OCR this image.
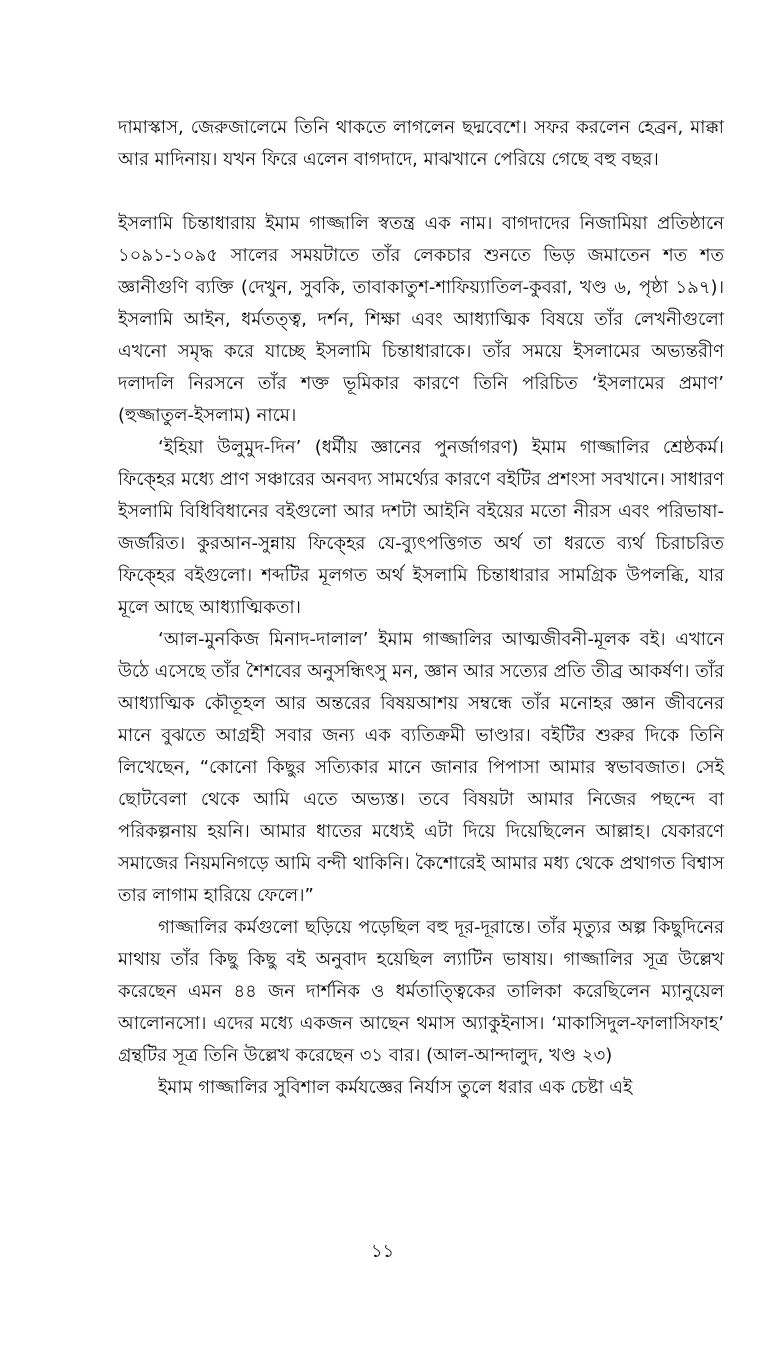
দামাস্কাস, জেরুজালেমে তিনি থাকতে লাগলেন ছদ্মবেশে। সফর করলেন হেব্রন, মাক্কা আর মাদিনায়। যখন ফিরে এলেন বাগদাদে, মাঝখানে পেরিয়ে গেছে বহু বছর।

ইসলামি চিন্তাধারায় ইমাম গাজ্জালি স্বতন্ত্র এক নাম। বাগদাদের নিজামিয়া প্রতিষ্ঠানে ১০৯১-১০৯৫ সালের সময়টাতে তাঁর লেকচার শুনতে ভিড় জমাতেন শত শত জ্ঞানীগুণি ব্যক্তি (দেখুন, সুবকি, তাবাকাতুশ-শাফিয়্যাতিল-কুবরা, খণ্ড ৬, পৃষ্ঠা ১৯৭)। ইসলামি আইন, ধর্মতত্ত্ব, দর্শন, শিক্ষা এবং আধ্যাত্মিক বিষয়ে তাঁর লেখনীগুলো এখনো সমৃদ্ধ করে যাচ্ছে ইসলামি চিন্তাধারাকে। তাঁর সময়ে ইসলামের অভ্যন্তরীণ দলাদলি নিরসনে তাঁর শক্ত ভূমিকার কারণে তিনি পরিচিত ‘ইসলামের প্রমাণ’ (হুজ্জাতুল-ইসলাম) নামে।

‘ইহিয়া উলুমুদ-দিন’ (ধর্মীয় জ্ঞানের পুনর্জাগরণ) ইমাম গাজ্জালির শ্রেষ্ঠকর্ম। ফিক্হের মধ্যে প্রাণ সঞ্চারের অনবদ্য সামর্থ্যের কারণে বইটির প্রশংসা সবখানে। সাধারণ ইসলামি বিধিবিধানের বইগুলো আর দশটা আইনি বইয়ের মতো নীরস এবং পরিভাষা-জর্জরিত। কুরআন-সুন্নায় ফিক্হের যে-ব্যুৎপত্তিগত অর্থ তা ধরতে ব্যর্থ চিরাচরিত ফিক্হের বইগুলো। শব্দটির মূলগত অর্থ ইসলামি চিন্তাধারার সামগ্রিক উপলব্ধি, যার মূলে আছে আধ্যাত্মিকতা।

‘আল-মুনকিজ মিনাদ-দালাল’ ইমাম গাজ্জালির আত্মজীবনী-মূলক বই। এখানে উঠে এসেছে তাঁর শৈশবের অনুসন্ধিৎসু মন, জ্ঞান আর সত্যের প্রতি তীব্র আকর্ষণ। তাঁর আধ্যাত্মিক কৌতূহল আর অন্তরের বিষয়আশয় সম্বন্ধে তাঁর মনোহর জ্ঞান জীবনের মানে বুঝতে আগ্রহী সবার জন্য এক ব্যতিক্রমী ভাণ্ডার। বইটির শুরুর দিকে তিনি লিখেছেন, “কোনো কিছুর সত্যিকার মানে জানার পিপাসা আমার স্বভাবজাত। সেই ছোটবেলা থেকে আমি এতে অভ্যস্ত। তবে বিষয়টা আমার নিজের পছন্দে বা পরিকল্পনায় হয়নি। আমার ধাতের মধ্যেই এটা দিয়ে দিয়েছিলেন আল্লাহ। যেকারণে সমাজের নিয়মনিগড়ে আমি বন্দী থাকিনি। কৈশোরেই আমার মধ্য থেকে প্রথাগত বিশ্বাস তার লাগাম হারিয়ে ফেলে।”

গাজ্জালির কর্মগুলো ছড়িয়ে পড়েছিল বহু দূর-দূরান্তে। তাঁর মৃত্যুর অল্প কিছুদিনের মাথায় তাঁর কিছু কিছু বই অনুবাদ হয়েছিল ল্যাটিন ভাষায়। গাজ্জালির সূত্র উল্লেখ করেছেন এমন ৪৪ জন দার্শনিক ও ধর্মতাত্ত্বিকের তালিকা করেছিলেন ম্যানুয়েল আলোনসো। এদের মধ্যে একজন আছেন থমাস অ্যাকুইনাস। ‘মাকাসিদুল-ফালাসিফাহ’ গ্রন্থটির সূত্র তিনি উল্লেখ করেছেন ৩১ বার। (আল-আন্দালুদ, খণ্ড ২৩)

ইমাম গাজ্জালির সুবিশাল কর্মযজ্ঞের নির্যাস তুলে ধরার এক চেষ্টা এই

১১
